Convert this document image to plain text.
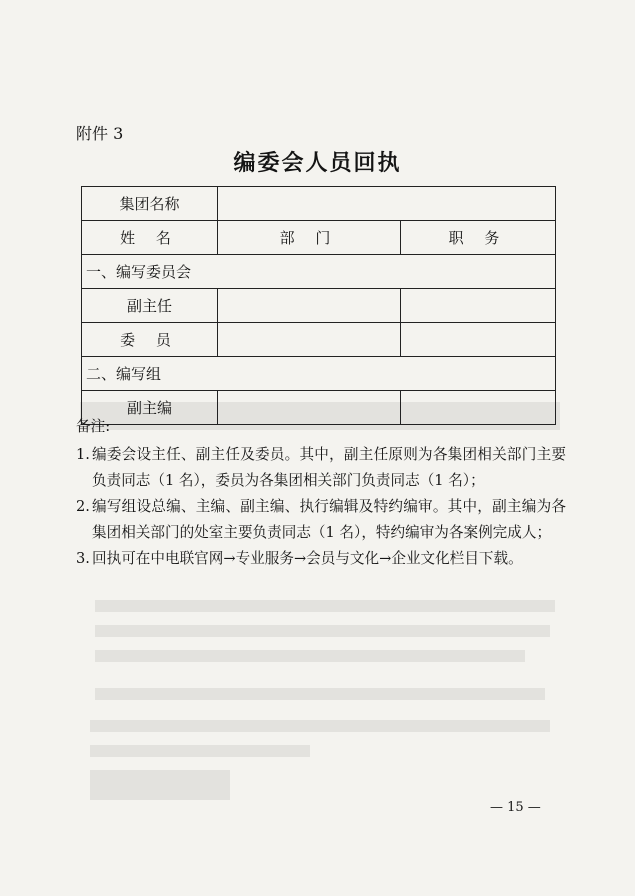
附件 3
编委会人员回执
集团名称		
姓 名	部 门	职 务
一、编写委员会		
副主任		
委 员		
二、编写组		
副主编		
备注:
1. 编委会设主任、副主任及委员。其中，副主任原则为各集团相关部门主要负责同志（1 名），委员为各集团相关部门负责同志（1 名）；
2. 编写组设总编、主编、副主编、执行编辑及特约编审。其中，副主编为各集团相关部门的处室主要负责同志（1 名），特约编审为各案例完成人；
3. 回执可在中电联官网→专业服务→会员与文化→企业文化栏目下载。
— 15 —
